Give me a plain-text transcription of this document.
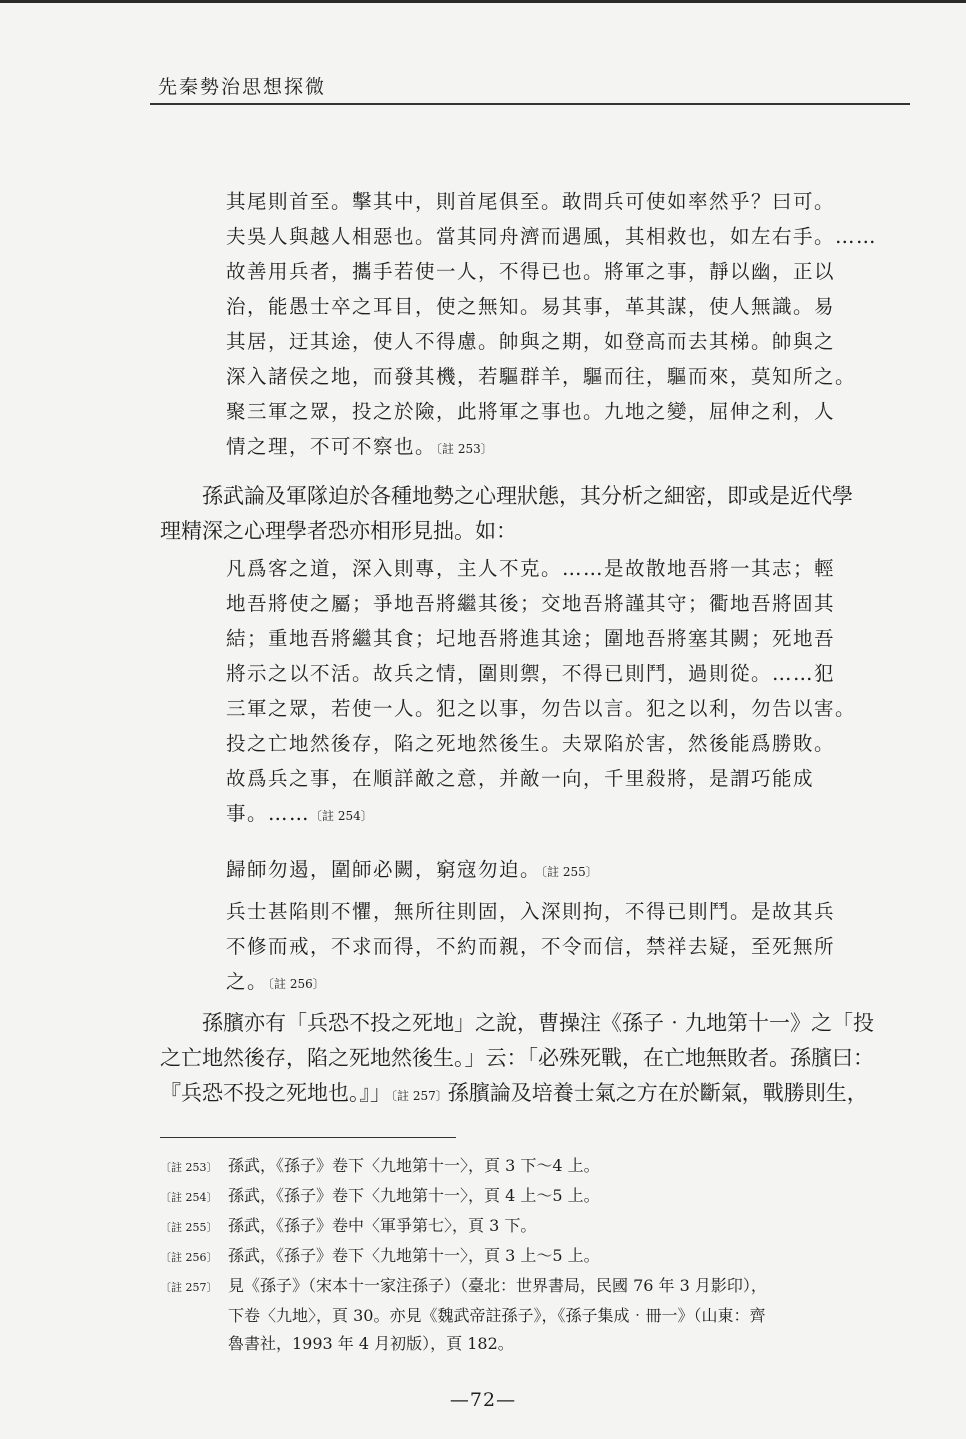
先秦勢治思想探微
其尾則首至。擊其中，則首尾俱至。敢問兵可使如率然乎？曰可。
夫吳人與越人相惡也。當其同舟濟而遇風，其相救也，如左右手。……
故善用兵者，攜手若使一人，不得已也。將軍之事，靜以幽，正以
治，能愚士卒之耳目，使之無知。易其事，革其謀，使人無識。易
其居，迂其途，使人不得慮。帥與之期，如登高而去其梯。帥與之
深入諸侯之地，而發其機，若驅群羊，驅而往，驅而來，莫知所之。
聚三軍之眾，投之於險，此將軍之事也。九地之變，屈伸之利，人
情之理，不可不察也。〔註 253〕
孫武論及軍隊迫於各種地勢之心理狀態，其分析之細密，即或是近代學
理精深之心理學者恐亦相形見拙。如：
凡爲客之道，深入則專，主人不克。……是故散地吾將一其志；輕
地吾將使之屬；爭地吾將繼其後；交地吾將謹其守；衢地吾將固其
結；重地吾將繼其食；圮地吾將進其途；圍地吾將塞其闕；死地吾
將示之以不活。故兵之情，圍則禦，不得已則鬥，過則從。……犯
三軍之眾，若使一人。犯之以事，勿告以言。犯之以利，勿告以害。
投之亡地然後存，陷之死地然後生。夫眾陷於害，然後能爲勝敗。
故爲兵之事，在順詳敵之意，并敵一向，千里殺將，是謂巧能成
事。……〔註 254〕
歸師勿遏，圍師必闕，窮寇勿迫。〔註 255〕
兵士甚陷則不懼，無所往則固，入深則拘，不得已則鬥。是故其兵
不修而戒，不求而得，不約而親，不令而信，禁祥去疑，至死無所
之。〔註 256〕
孫臏亦有「兵恐不投之死地」之說，曹操注《孫子‧九地第十一》之「投
之亡地然後存，陷之死地然後生。」云：「必殊死戰，在亡地無敗者。孫臏曰：
『兵恐不投之死地也。』」〔註 257〕孫臏論及培養士氣之方在於斷氣，戰勝則生，
〔註 253〕 孫武，《孫子》卷下〈九地第十一〉，頁 3 下～4 上。
〔註 254〕 孫武，《孫子》卷下〈九地第十一〉，頁 4 上～5 上。
〔註 255〕 孫武，《孫子》卷中〈軍爭第七〉，頁 3 下。
〔註 256〕 孫武，《孫子》卷下〈九地第十一〉，頁 3 上～5 上。
〔註 257〕 見《孫子》（宋本十一家注孫子）（臺北：世界書局，民國 76 年 3 月影印），
下卷〈九地〉，頁 30。亦見《魏武帝註孫子》，《孫子集成‧冊一》（山東：齊
魯書社，1993 年 4 月初版），頁 182。
—72—
